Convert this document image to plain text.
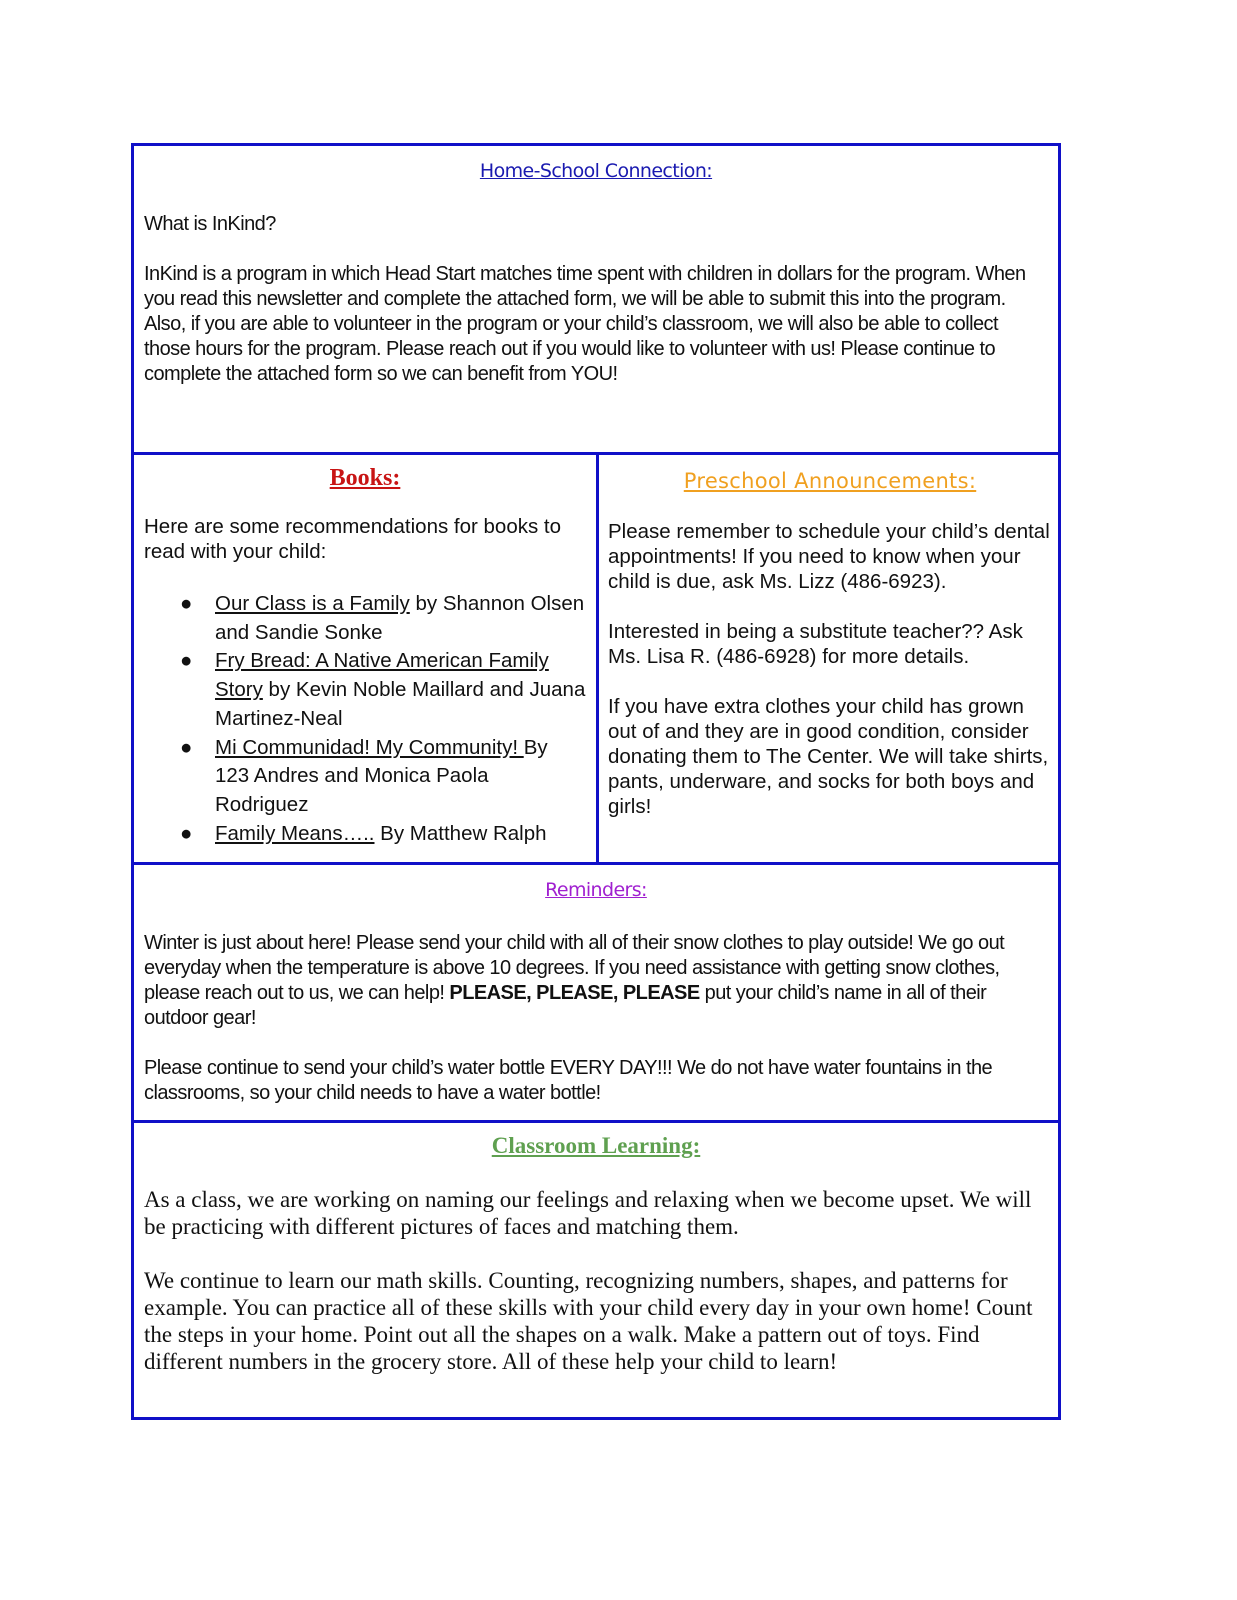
Home-School Connection:

What is InKind?

InKind is a program in which Head Start matches time spent with children in dollars for the program. When you read this newsletter and complete the attached form, we will be able to submit this into the program. Also, if you are able to volunteer in the program or your child’s classroom, we will also be able to collect those hours for the program. Please reach out if you would like to volunteer with us! Please continue to complete the attached form so we can benefit from YOU!

Books:

Here are some recommendations for books to read with your child:

● Our Class is a Family by Shannon Olsen and Sandie Sonke
● Fry Bread: A Native American Family Story by Kevin Noble Maillard and Juana Martinez-Neal
● Mi Communidad! My Community! By 123 Andres and Monica Paola Rodriguez
● Family Means….. By Matthew Ralph
Preschool Announcements:

Please remember to schedule your child’s dental appointments! If you need to know when your child is due, ask Ms. Lizz (486-6923).

Interested in being a substitute teacher?? Ask Ms. Lisa R. (486-6928) for more details.

If you have extra clothes your child has grown out of and they are in good condition, consider donating them to The Center. We will take shirts, pants, underware, and socks for both boys and girls!

Reminders:

Winter is just about here! Please send your child with all of their snow clothes to play outside! We go out everyday when the temperature is above 10 degrees. If you need assistance with getting snow clothes, please reach out to us, we can help! PLEASE, PLEASE, PLEASE put your child’s name in all of their outdoor gear!

Please continue to send your child’s water bottle EVERY DAY!!! We do not have water fountains in the classrooms, so your child needs to have a water bottle!

Classroom Learning:

As a class, we are working on naming our feelings and relaxing when we become upset. We will be practicing with different pictures of faces and matching them.

We continue to learn our math skills. Counting, recognizing numbers, shapes, and patterns for example. You can practice all of these skills with your child every day in your own home! Count the steps in your home. Point out all the shapes on a walk. Make a pattern out of toys. Find different numbers in the grocery store. All of these help your child to learn!
